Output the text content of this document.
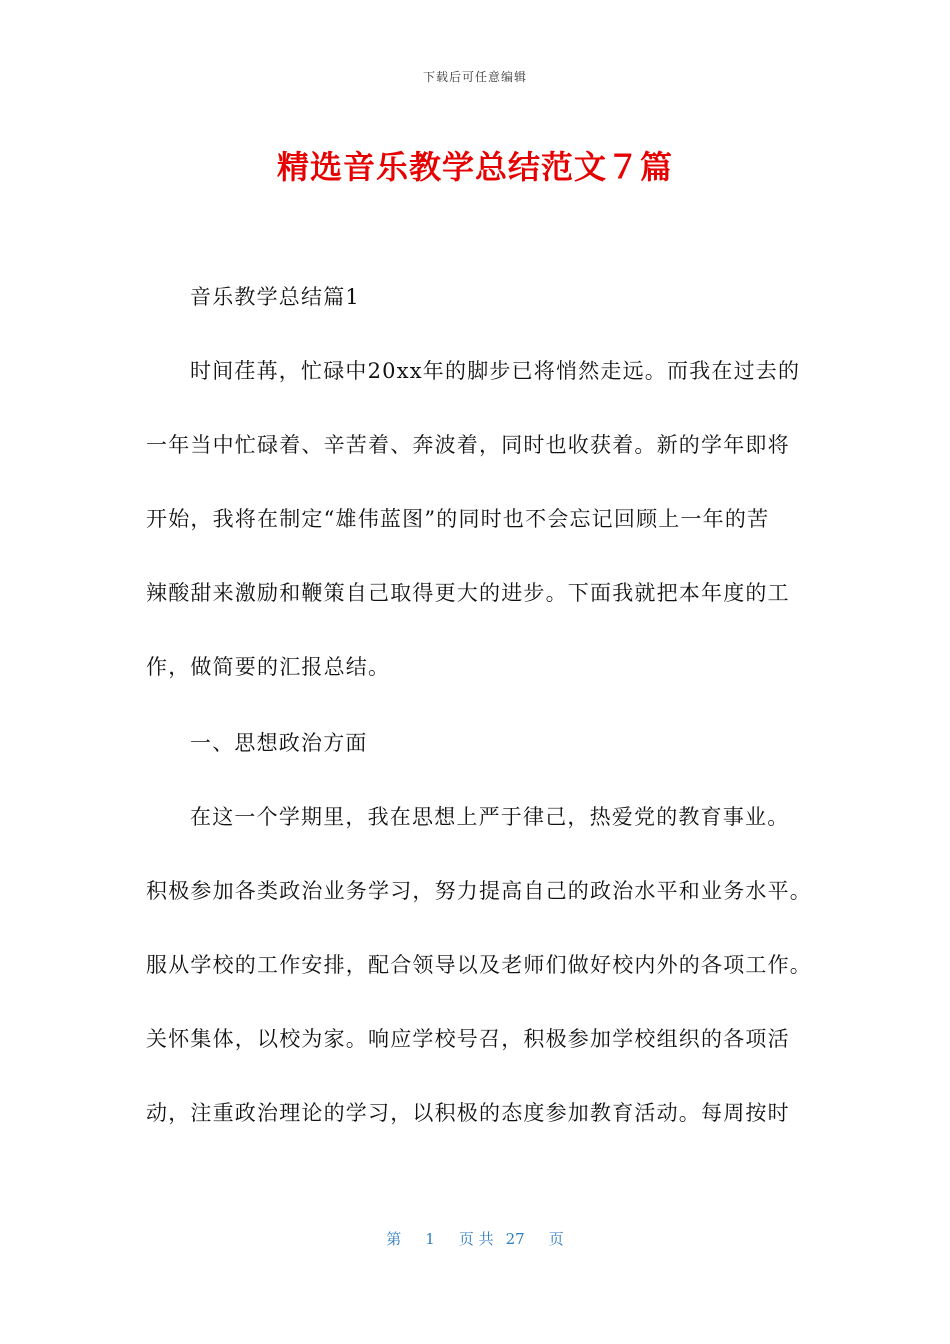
下载后可任意编辑
精选音乐教学总结范文７篇
音乐教学总结篇1
时间荏苒，忙碌中20xx年的脚步已将悄然走远。而我在过去的
一年当中忙碌着、辛苦着、奔波着，同时也收获着。新的学年即将
开始，我将在制定“雄伟蓝图”的同时也不会忘记回顾上一年的苦
辣酸甜来激励和鞭策自己取得更大的进步。下面我就把本年度的工
作，做简要的汇报总结。
一、思想政治方面
在这一个学期里，我在思想上严于律己，热爱党的教育事业。
积极参加各类政治业务学习，努力提高自己的政治水平和业务水平。
服从学校的工作安排，配合领导以及老师们做好校内外的各项工作。
关怀集体，以校为家。响应学校号召，积极参加学校组织的各项活
动，注重政治理论的学习，以积极的态度参加教育活动。每周按时
第 1 页 共 27 页
